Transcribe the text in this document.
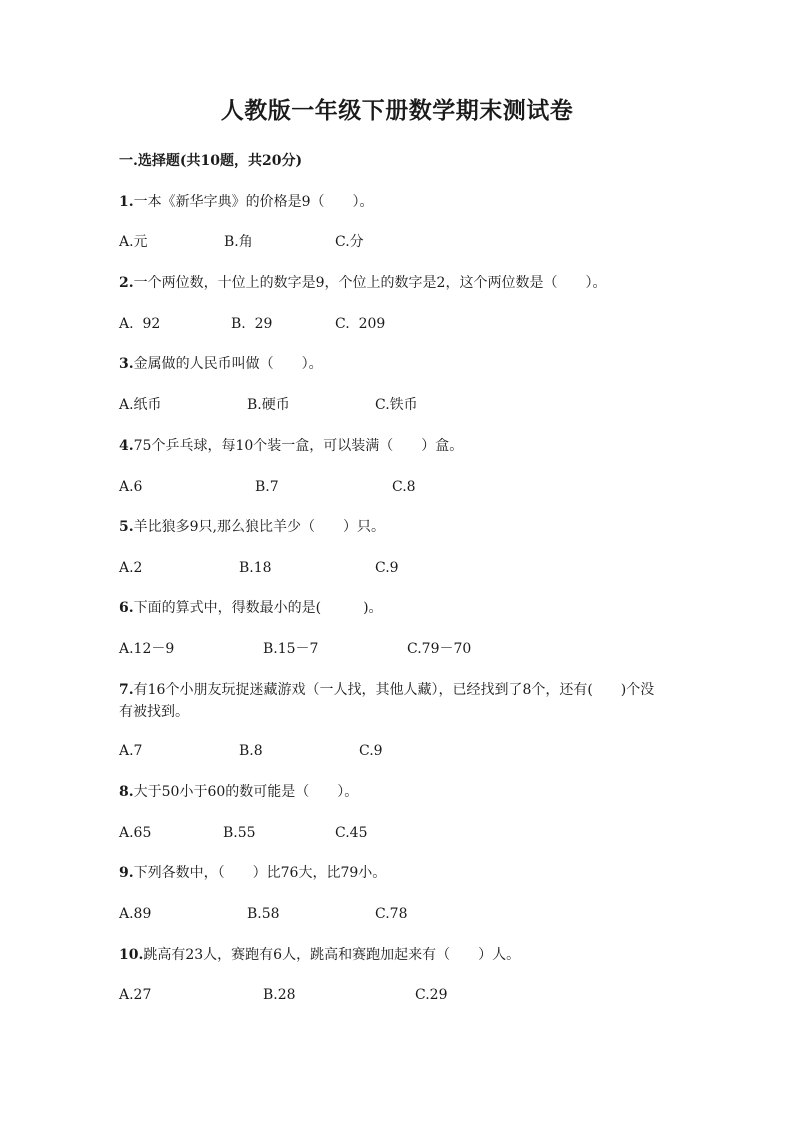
人教版一年级下册数学期末测试卷
一.选择题(共10题，共20分)
1.一本《新华字典》的价格是9（　　）。
A.元	B.角	C.分
2.一个两位数，十位上的数字是9，个位上的数字是2，这个两位数是（　　）。
A.  92	B.  29	C.  209
3.金属做的人民币叫做（　　）。
A.纸币	B.硬币	C.铁币
4.75个乒乓球，每10个装一盒，可以装满（　　）盒。
A.6	B.7	C.8
5.羊比狼多9只,那么狼比羊少（　　）只。
A.2	B.18	C.9
6.下面的算式中，得数最小的是(　　　)。
A.12－9	B.15－7	C.79－70
7.有16个小朋友玩捉迷藏游戏（一人找，其他人藏），已经找到了8个，还有(　　)个没有被找到。
A.7	B.8	C.9
8.大于50小于60的数可能是（　　）。
A.65	B.55	C.45
9.下列各数中，（　　）比76大，比79小。
A.89	B.58	C.78
10.跳高有23人，赛跑有6人，跳高和赛跑加起来有（　　）人。
A.27	B.28	C.29
